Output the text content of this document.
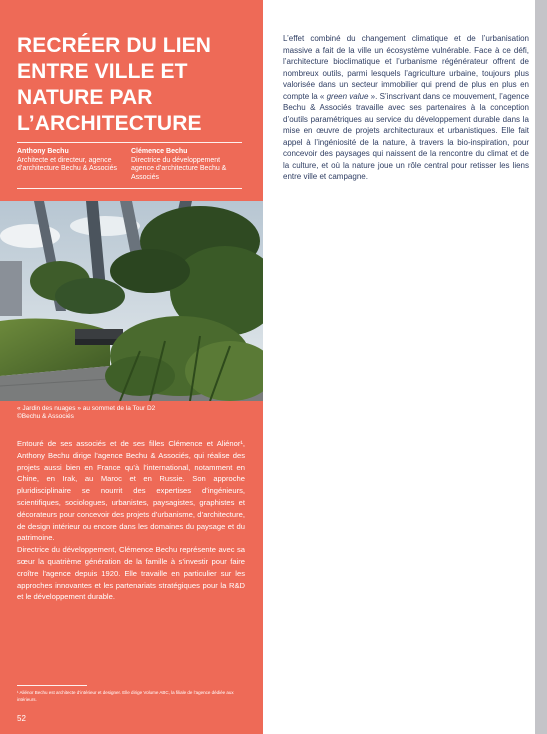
RECRÉER DU LIEN ENTRE VILLE ET NATURE PAR L’ARCHITECTURE
Anthony Bechu
Architecte et directeur, agence d’architecture Bechu & Associés
Clémence Bechu
Directrice du développement agence d’architecture Bechu & Associés
« Jardin des nuages » au sommet de la Tour D2
©Bechu & Associés

Entouré de ses associés et de ses filles Clémence et Aliénor¹, Anthony Bechu dirige l’agence Bechu & Associés, qui réalise des projets aussi bien en France qu’à l’international, notamment en Chine, en Irak, au Maroc et en Russie. Son approche pluridisciplinaire se nourrit des expertises d’ingénieurs, scientifiques, sociologues, urbanistes, paysagistes, graphistes et décorateurs pour concevoir des projets d’urbanisme, d’architecture, de design intérieur ou encore dans les domaines du paysage et du patrimoine.

Directrice du développement, Clémence Bechu représente avec sa sœur la quatrième génération de la famille à s’investir pour faire croître l’agence depuis 1920. Elle travaille en particulier sur les approches innovantes et les partenariats stratégiques pour la R&D et le développement durable.

¹ Aliénor Bechu est architecte d’intérieur et designer. Elle dirige Volume ABC, la filiale de l’agence dédiée aux intérieurs.
52
L’effet combiné du changement climatique et de l’urbanisation massive a fait de la ville un écosystème vulnérable. Face à ce défi, l’architecture bioclimatique et l’urbanisme régénérateur offrent de nombreux outils, parmi lesquels l’agriculture urbaine, toujours plus valorisée dans un secteur immobilier qui prend de plus en plus en compte la « green value ». S’inscrivant dans ce mouvement, l’agence Bechu & Associés travaille avec ses partenaires à la conception d’outils paramétriques au service du développement durable dans la mise en œuvre de projets architecturaux et urbanistiques. Elle fait appel à l’ingéniosité de la nature, à travers la bio-inspiration, pour concevoir des paysages qui naissent de la rencontre du climat et de la culture, et où la nature joue un rôle central pour retisser les liens entre ville et campagne.
